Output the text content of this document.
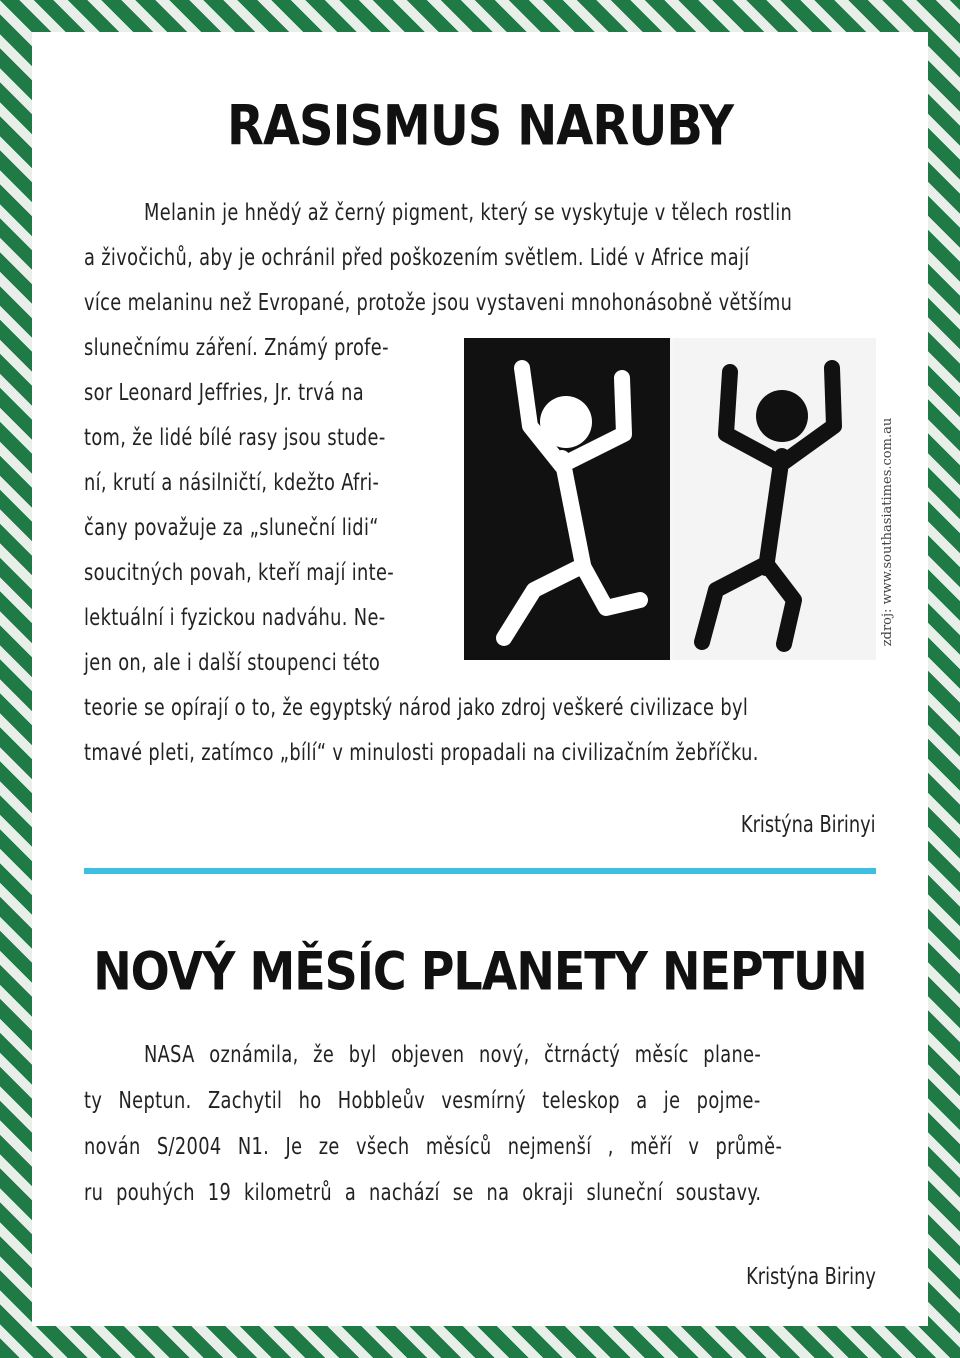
RASISMUS NARUBY
Melanin je hnědý až černý pigment, který se vyskytuje v tělech rostlin
a živočichů, aby je ochránil před poškozením světlem. Lidé v Africe mají
více melaninu než Evropané, protože jsou vystaveni mnohonásobně většímu
slunečnímu záření. Známý profe-
sor Leonard Jeffries, Jr. trvá na
tom, že lidé bílé rasy jsou stude-
ní, krutí a násilničtí, kdežto Afri-
čany považuje za „sluneční lidi“
soucitných povah, kteří mají inte-
lektuální i fyzickou nadváhu. Ne-
jen on, ale i další stoupenci této
teorie se opírají o to, že egyptský národ jako zdroj veškeré civilizace byl
tmavé pleti, zatímco „bílí“ v minulosti propadali na civilizačním žebříčku.
zdroj: www.southasiatimes.com.au
Kristýna Birinyi
NOVÝ MĚSÍC PLANETY NEPTUN
NASA oznámila, že byl objeven nový, čtrnáctý měsíc plane-
ty Neptun. Zachytil ho Hobbleův vesmírný teleskop a je pojme-
nován S/2004 N1. Je ze všech měsíců nejmenší , měří v průmě-
ru pouhých 19 kilometrů a nachází se na okraji sluneční soustavy.
Kristýna Biriny
